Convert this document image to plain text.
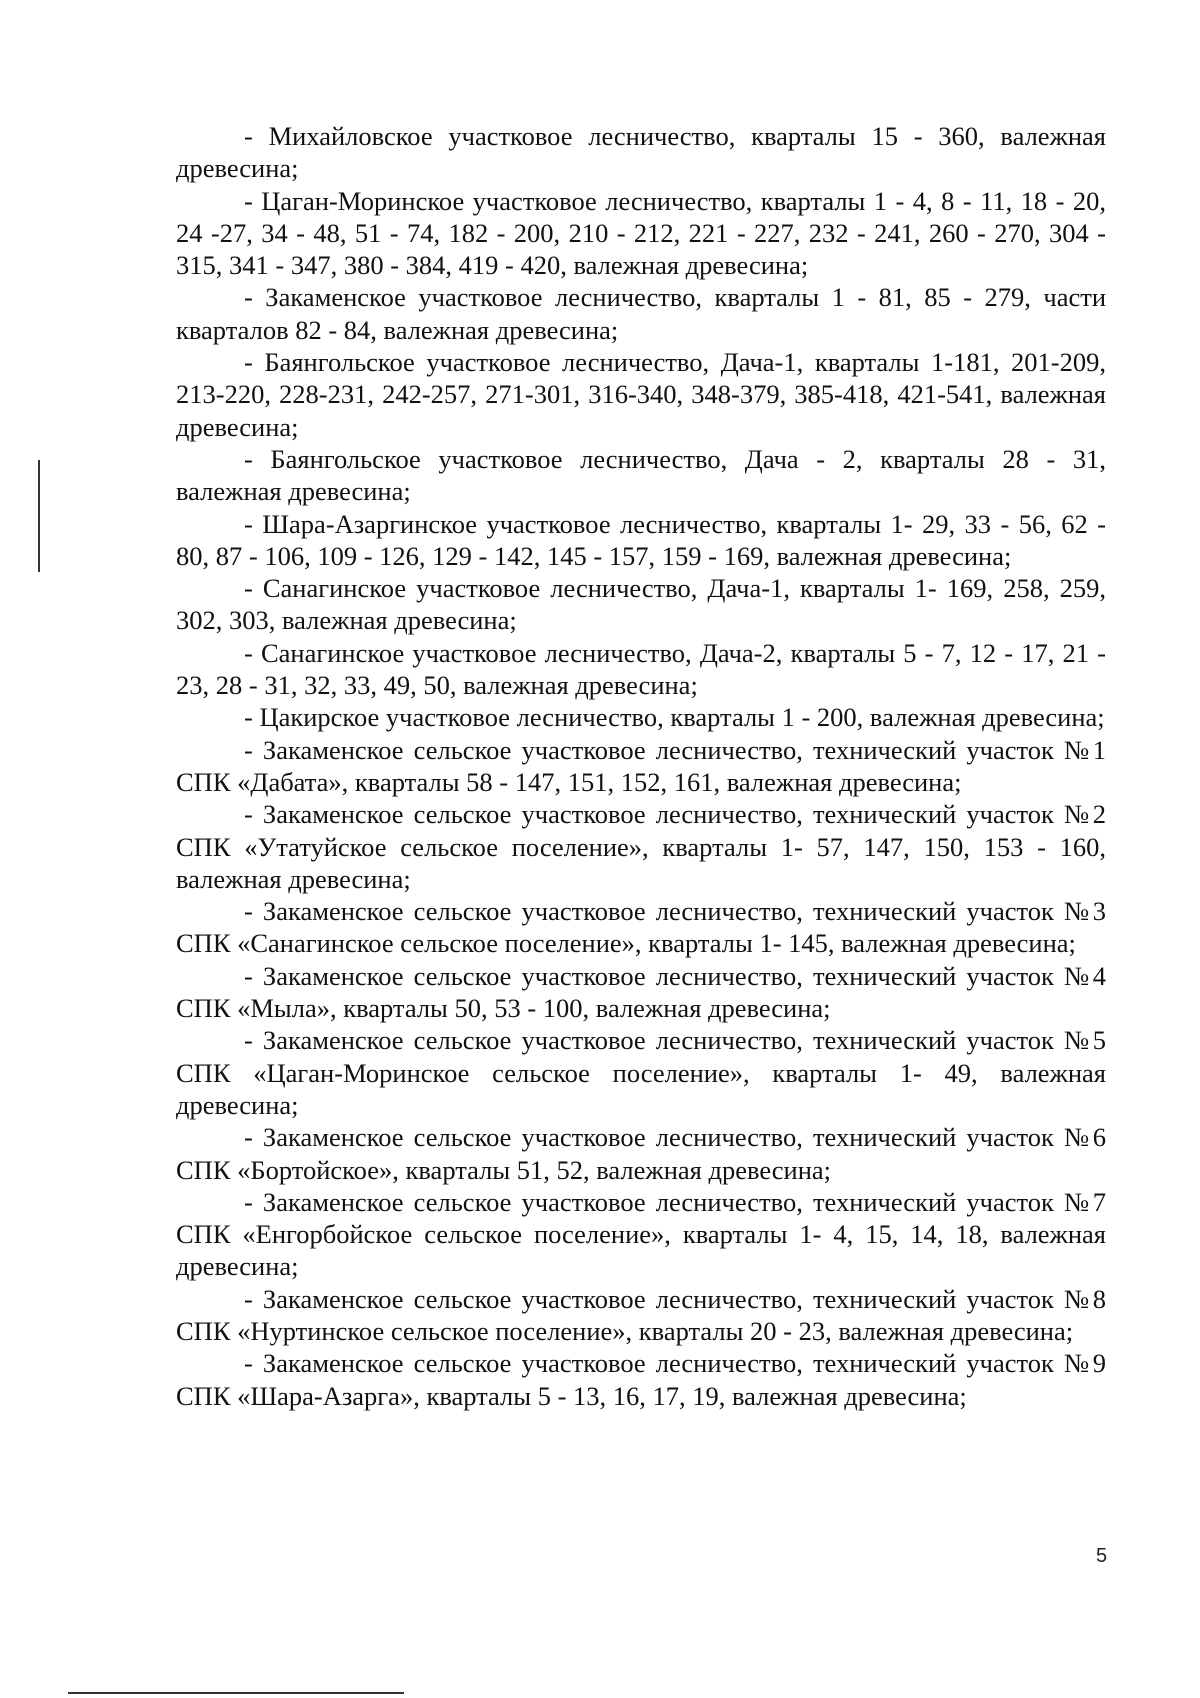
- Михайловское участковое лесничество, кварталы 15 - 360, валежная древесина;

- Цаган-Моринское участковое лесничество, кварталы 1 - 4, 8 - 11, 18 - 20, 24 -27, 34 - 48, 51 - 74, 182 - 200, 210 - 212, 221 - 227, 232 - 241, 260 - 270, 304 - 315, 341 - 347, 380 - 384, 419 - 420, валежная древесина;

- Закаменское участковое лесничество, кварталы 1 - 81, 85 - 279, части кварталов 82 - 84, валежная древесина;

- Баянгольское участковое лесничество, Дача-1, кварталы 1-181, 201-209, 213-220, 228-231, 242-257, 271-301, 316-340, 348-379, 385-418, 421-541, валежная древесина;

- Баянгольское участковое лесничество, Дача - 2, кварталы 28 - 31, валежная древесина;

- Шара-Азаргинское участковое лесничество, кварталы 1- 29, 33 - 56, 62 - 80, 87 - 106, 109 - 126, 129 - 142, 145 - 157, 159 - 169, валежная древесина;

- Санагинское участковое лесничество, Дача-1, кварталы 1- 169, 258, 259, 302, 303, валежная древесина;

- Санагинское участковое лесничество, Дача-2, кварталы 5 - 7, 12 - 17, 21 - 23, 28 - 31, 32, 33, 49, 50, валежная древесина;

- Цакирское участковое лесничество, кварталы 1 - 200, валежная древесина;

- Закаменское сельское участковое лесничество, технический участок №1 СПК «Дабата», кварталы 58 - 147, 151, 152, 161, валежная древесина;

- Закаменское сельское участковое лесничество, технический участок №2 СПК «Утатуйское сельское поселение», кварталы 1- 57, 147, 150, 153 - 160, валежная древесина;

- Закаменское сельское участковое лесничество, технический участок №3 СПК «Санагинское сельское поселение», кварталы 1- 145, валежная древесина;

- Закаменское сельское участковое лесничество, технический участок №4 СПК «Мыла», кварталы 50, 53 - 100, валежная древесина;

- Закаменское сельское участковое лесничество, технический участок №5 СПК «Цаган-Моринское сельское поселение», кварталы 1- 49, валежная древесина;

- Закаменское сельское участковое лесничество, технический участок №6 СПК «Бортойское», кварталы 51, 52, валежная древесина;

- Закаменское сельское участковое лесничество, технический участок №7 СПК «Енгорбойское сельское поселение», кварталы 1- 4, 15, 14, 18, валежная древесина;

- Закаменское сельское участковое лесничество, технический участок №8 СПК «Нуртинское сельское поселение», кварталы 20 - 23, валежная древесина;

- Закаменское сельское участковое лесничество, технический участок №9 СПК «Шара-Азарга», кварталы 5 - 13, 16, 17, 19, валежная древесина;

5
